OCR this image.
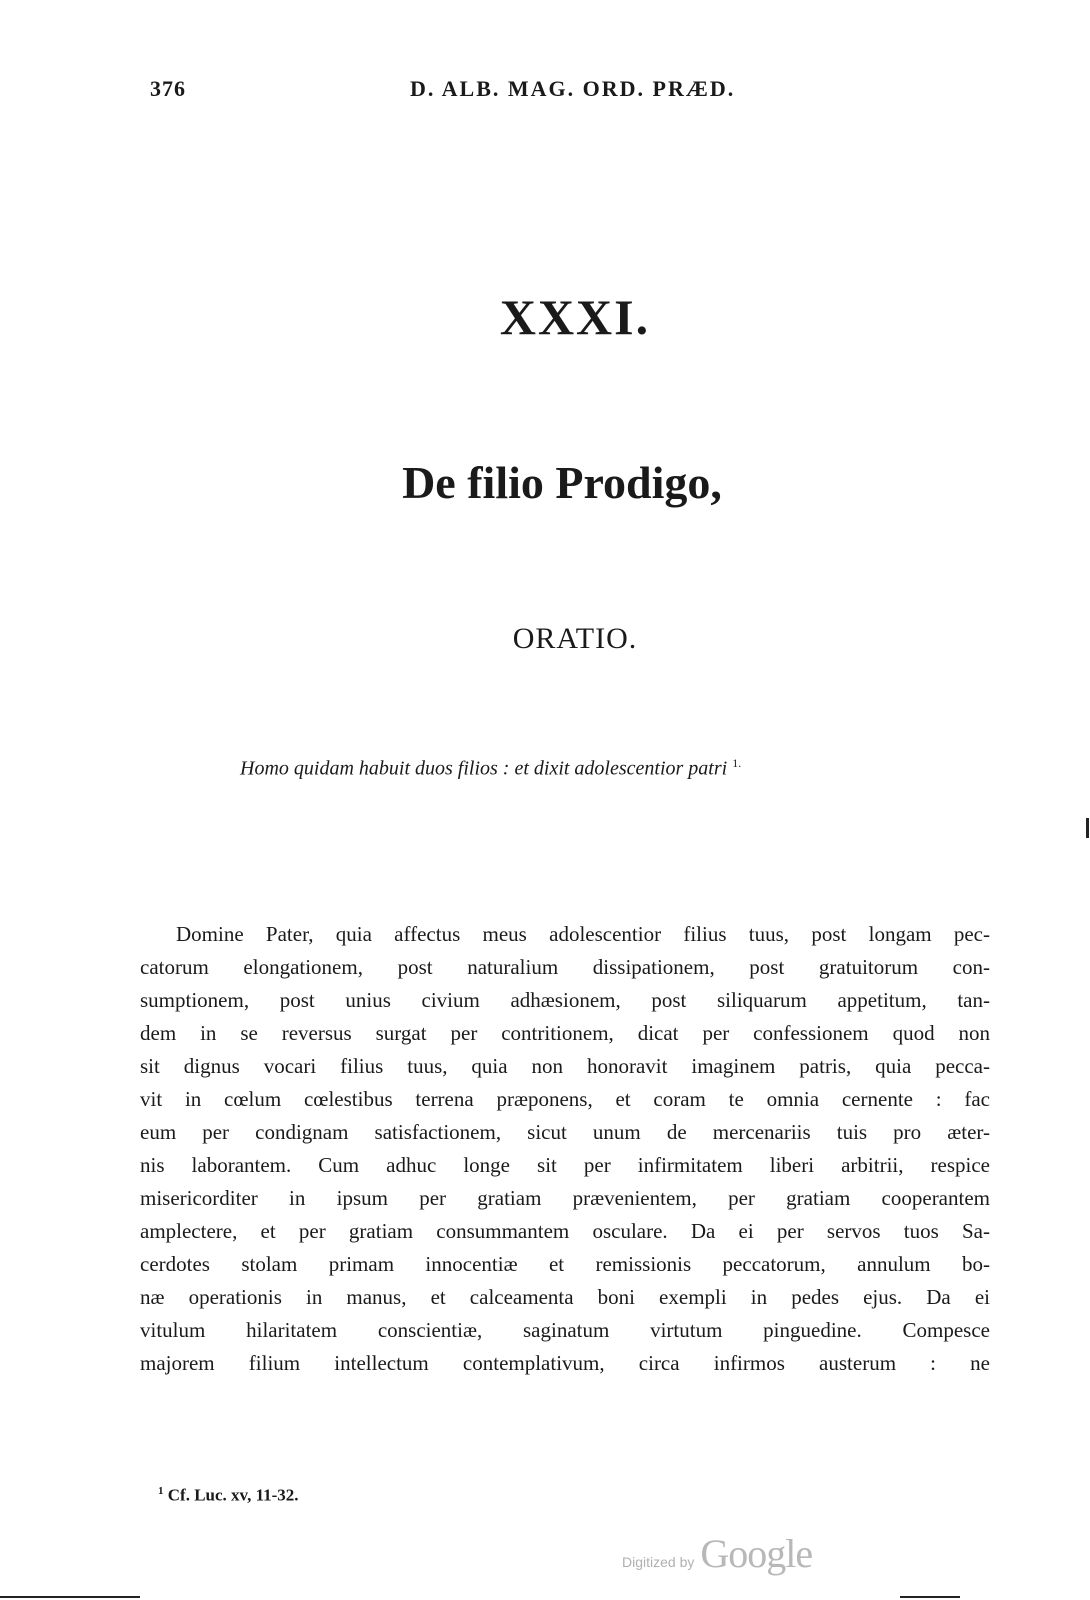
376	D. ALB. MAG. ORD. PRÆD.
XXXI.
De filio Prodigo,
ORATIO.
Homo quidam habuit duos filios : et dixit adolescentior patri $^{1.}$
Domine Pater, quia affectus meus adolescentior filius tuus, post longam pec-
catorum elongationem, post naturalium dissipationem, post gratuitorum con-
sumptionem, post unius civium adhæsionem, post siliquarum appetitum, tan-
dem in se reversus surgat per contritionem, dicat per confessionem quod non
sit dignus vocari filius tuus, quia non honoravit imaginem patris, quia pecca-
vit in cœlum cœlestibus terrena præponens, et coram te omnia cernente : fac
eum per condignam satisfactionem, sicut unum de mercenariis tuis pro æter-
nis laborantem. Cum adhuc longe sit per infirmitatem liberi arbitrii, respice
misericorditer in ipsum per gratiam prævenientem, per gratiam cooperantem
amplectere, et per gratiam consummantem osculare. Da ei per servos tuos Sa-
cerdotes stolam primam innocentiæ et remissionis peccatorum, annulum bo-
næ operationis in manus, et calceamenta boni exempli in pedes ejus. Da ei
vitulum hilaritatem conscientiæ, saginatum virtutum pinguedine. Compesce
majorem filium intellectum contemplativum, circa infirmos austerum : ne
$^1$ Cf. Luc. xv, 11-32.
Digitized by Google
